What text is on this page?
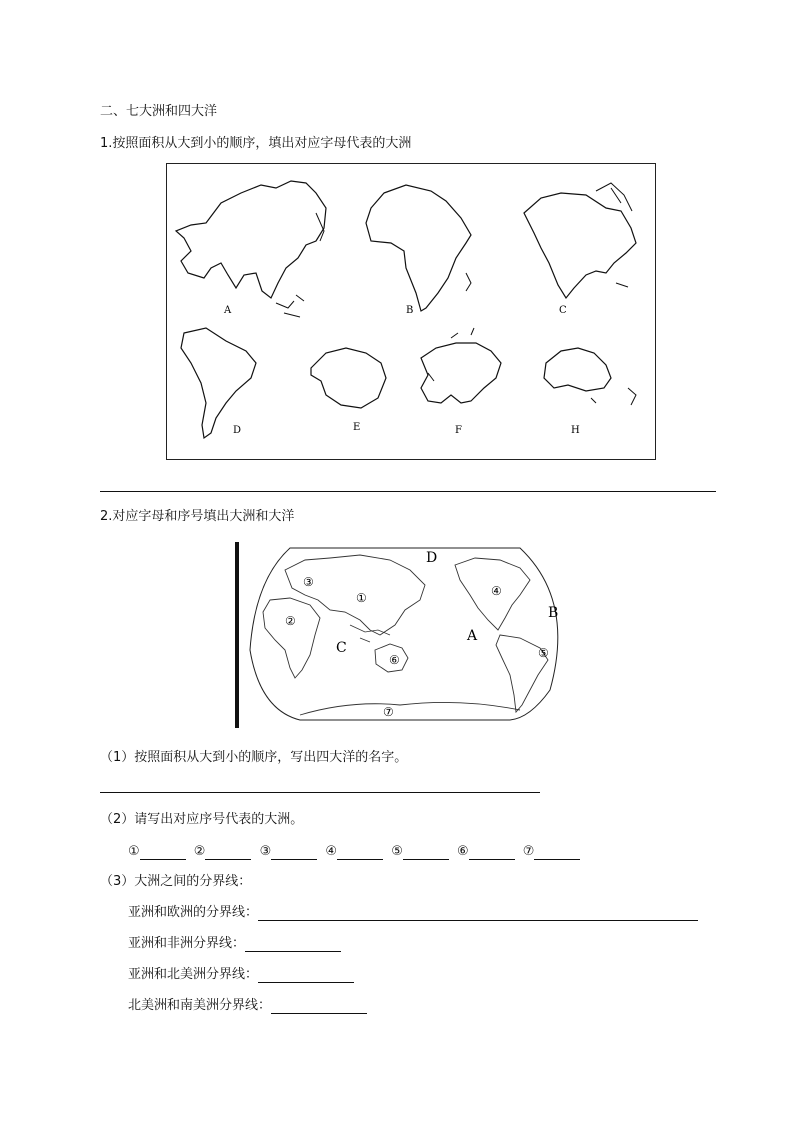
二、七大洲和四大洋
1.按照面积从大到小的顺序，填出对应字母代表的大洲
A	B	C
D	E	F	H
2.对应字母和序号填出大洲和大洋
A
B
C
D
①
②
③
④
⑤
⑥
⑦
（1）按照面积从大到小的顺序，写出四大洋的名字。
（2）请写出对应序号代表的大洲。
①	②	③	④	⑤	⑥	⑦
（3）大洲之间的分界线：
亚洲和欧洲的分界线：
亚洲和非洲分界线：
亚洲和北美洲分界线：
北美洲和南美洲分界线：
